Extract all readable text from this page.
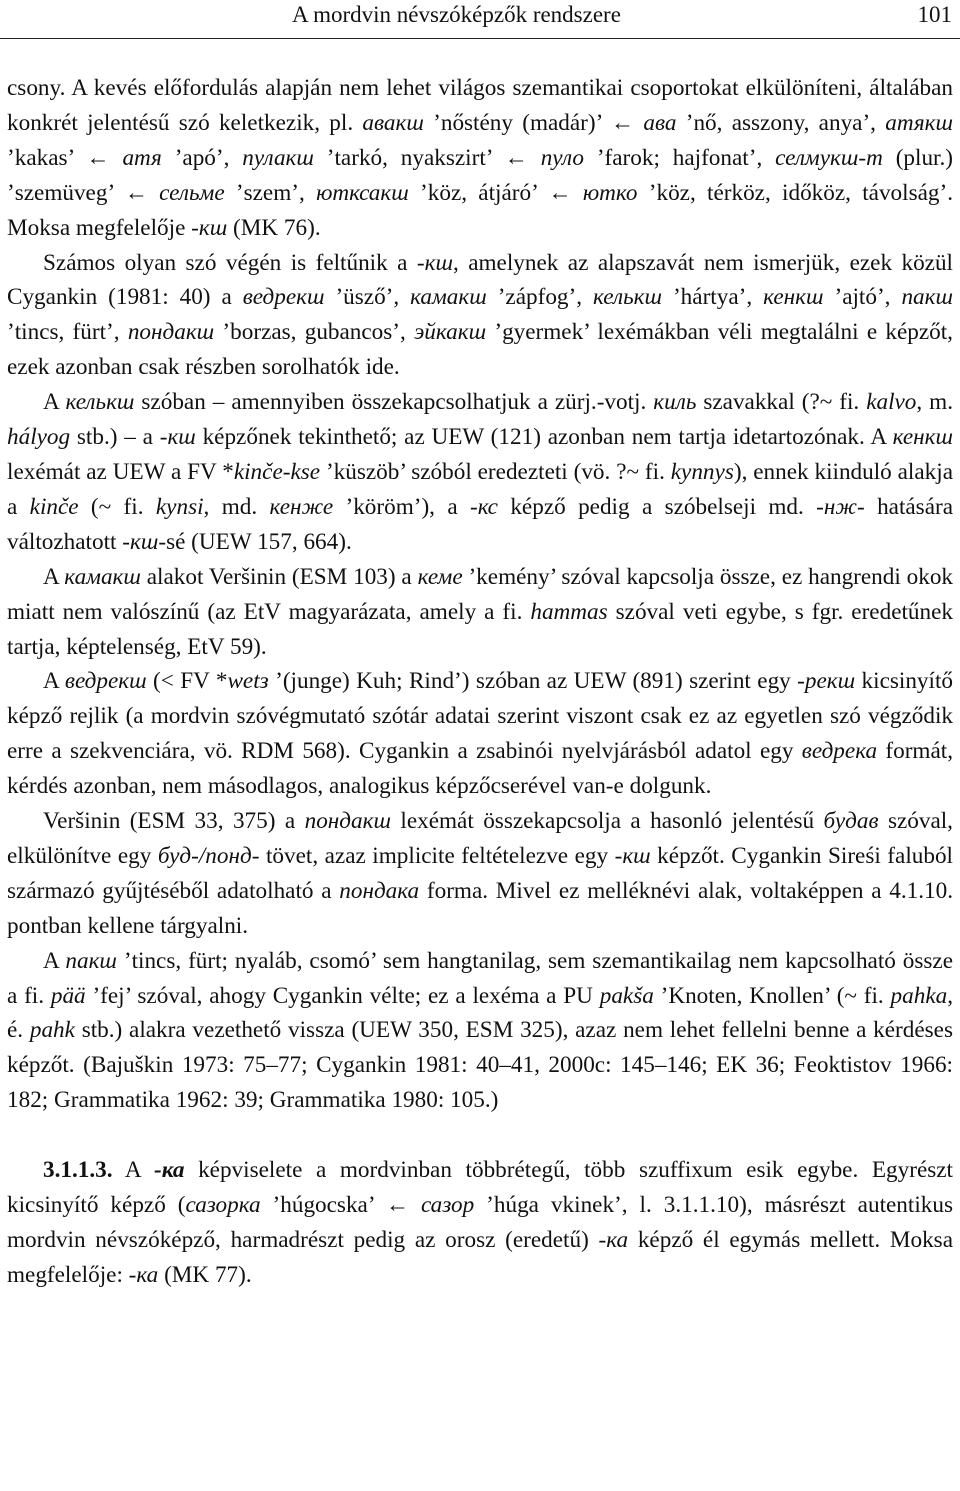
A mordvin névszóképzők rendszere	101

csony. A kevés előfordulás alapján nem lehet világos szemantikai csoportokat elkülöníteni, általában konkrét jelentésű szó keletkezik, pl. авакш ’nőstény (madár)’ ← ава ’nő, asszony, anya’, атякш ’kakas’ ← атя ’apó’, пулакш ’tarkó, nyakszirt’ ← пуло ’farok; hajfonat’, селмукш-т (plur.) ’szemüveg’ ← сельме ’szem’, ютксакш ’köz, átjáró’ ← ютко ’köz, térköz, időköz, távolság’. Moksa megfelelője -кш (MK 76).

Számos olyan szó végén is feltűnik a -кш, amelynek az alapszavát nem ismerjük, ezek közül Cygankin (1981: 40) a ведрекш ’üsző’, камакш ’zápfog’, келькш ’hártya’, кенкш ’ajtó’, пакш ’tincs, fürt’, пондакш ’borzas, gubancos’, эйкакш ’gyermek’ lexémákban véli megtalálni e képzőt, ezek azonban csak részben sorolhatók ide.

A келькш szóban – amennyiben összekapcsolhatjuk a zürj.-votj. киль szavakkal (?~ fi. kalvo, m. hályog stb.) – a -кш képzőnek tekinthető; az UEW (121) azonban nem tartja idetartozónak. A кенкш lexémát az UEW a FV *kinče-kse ’küszöb’ szóból eredezteti (vö. ?~ fi. kynnys), ennek kiinduló alakja a kinče (~ fi. kynsi, md. кенже ’köröm’), a -кс képző pedig a szóbelseji md. -нж- hatására változhatott -кш-sé (UEW 157, 664).

A камакш alakot Veršinin (ESM 103) a кеме ’kemény’ szóval kapcsolja össze, ez hangrendi okok miatt nem valószínű (az EtV magyarázata, amely a fi. hammas szóval veti egybe, s fgr. eredetűnek tartja, képtelenség, EtV 59).

A ведрекш (< FV *wetз ’(junge) Kuh; Rind’) szóban az UEW (891) szerint egy -рекш kicsinyítő képző rejlik (a mordvin szóvégmutató szótár adatai szerint viszont csak ez az egyetlen szó végződik erre a szekvenciára, vö. RDM 568). Cygankin a zsabinói nyelvjárásból adatol egy ведрека formát, kérdés azonban, nem másodlagos, analogikus képzőcserével van-e dolgunk.

Veršinin (ESM 33, 375) a пондакш lexémát összekapcsolja a hasonló jelentésű будав szóval, elkülönítve egy буд-/понд- tövet, azaz implicite feltételezve egy -кш képzőt. Cygankin Sireśi faluból származó gyűjtéséből adatolható a пондака forma. Mivel ez melléknévi alak, voltaképpen a 4.1.10. pontban kellene tárgyalni.

A пакш ’tincs, fürt; nyaláb, csomó’ sem hangtanilag, sem szemantikailag nem kapcsolható össze a fi. pää ’fej’ szóval, ahogy Cygankin vélte; ez a lexéma a PU pakša ’Knoten, Knollen’ (~ fi. pahka, é. pahk stb.) alakra vezethető vissza (UEW 350, ESM 325), azaz nem lehet fellelni benne a kérdéses képzőt. (Bajuškin 1973: 75–77; Cygankin 1981: 40–41, 2000c: 145–146; EK 36; Feoktistov 1966: 182; Grammatika 1962: 39; Grammatika 1980: 105.)

3.1.1.3. A -ка képviselete a mordvinban többrétegű, több szuffixum esik egybe. Egyrészt kicsinyítő képző (сазорка ’húgocska’ ← сазор ’húga vkinek’, l. 3.1.1.10), másrészt autentikus mordvin névszóképző, harmadrészt pedig az orosz (eredetű) -ка képző él egymás mellett. Moksa megfelelője: -ка (MK 77).
